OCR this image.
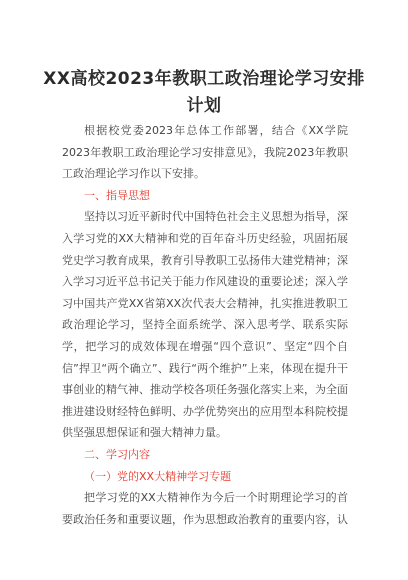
XX高校2023年教职工政治理论学习安排计划

根据校党委2023年总体工作部署，结合《XX学院2023年教职工政治理论学习安排意见》，我院2023年教职工政治理论学习作以下安排。

一、指导思想

坚持以习近平新时代中国特色社会主义思想为指导，深入学习党的XX大精神和党的百年奋斗历史经验，巩固拓展党史学习教育成果，教育引导教职工弘扬伟大建党精神；深入学习习近平总书记关于能力作风建设的重要论述；深入学习中国共产党XX省第XX次代表大会精神，扎实推进教职工政治理论学习，坚持全面系统学、深入思考学、联系实际学，把学习的成效体现在增强“四个意识”、坚定“四个自信”捍卫“两个确立”、践行“两个维护”上来，体现在提升干事创业的精气神、推动学校各项任务强化落实上来，为全面推进建设财经特色鲜明、办学优势突出的应用型本科院校提供坚强思想保证和强大精神力量。

二、学习内容

（一）党的XX大精神学习专题

把学习党的XX大精神作为今后一个时期理论学习的首要政治任务和重要议题，作为思想政治教育的重要内容，认
